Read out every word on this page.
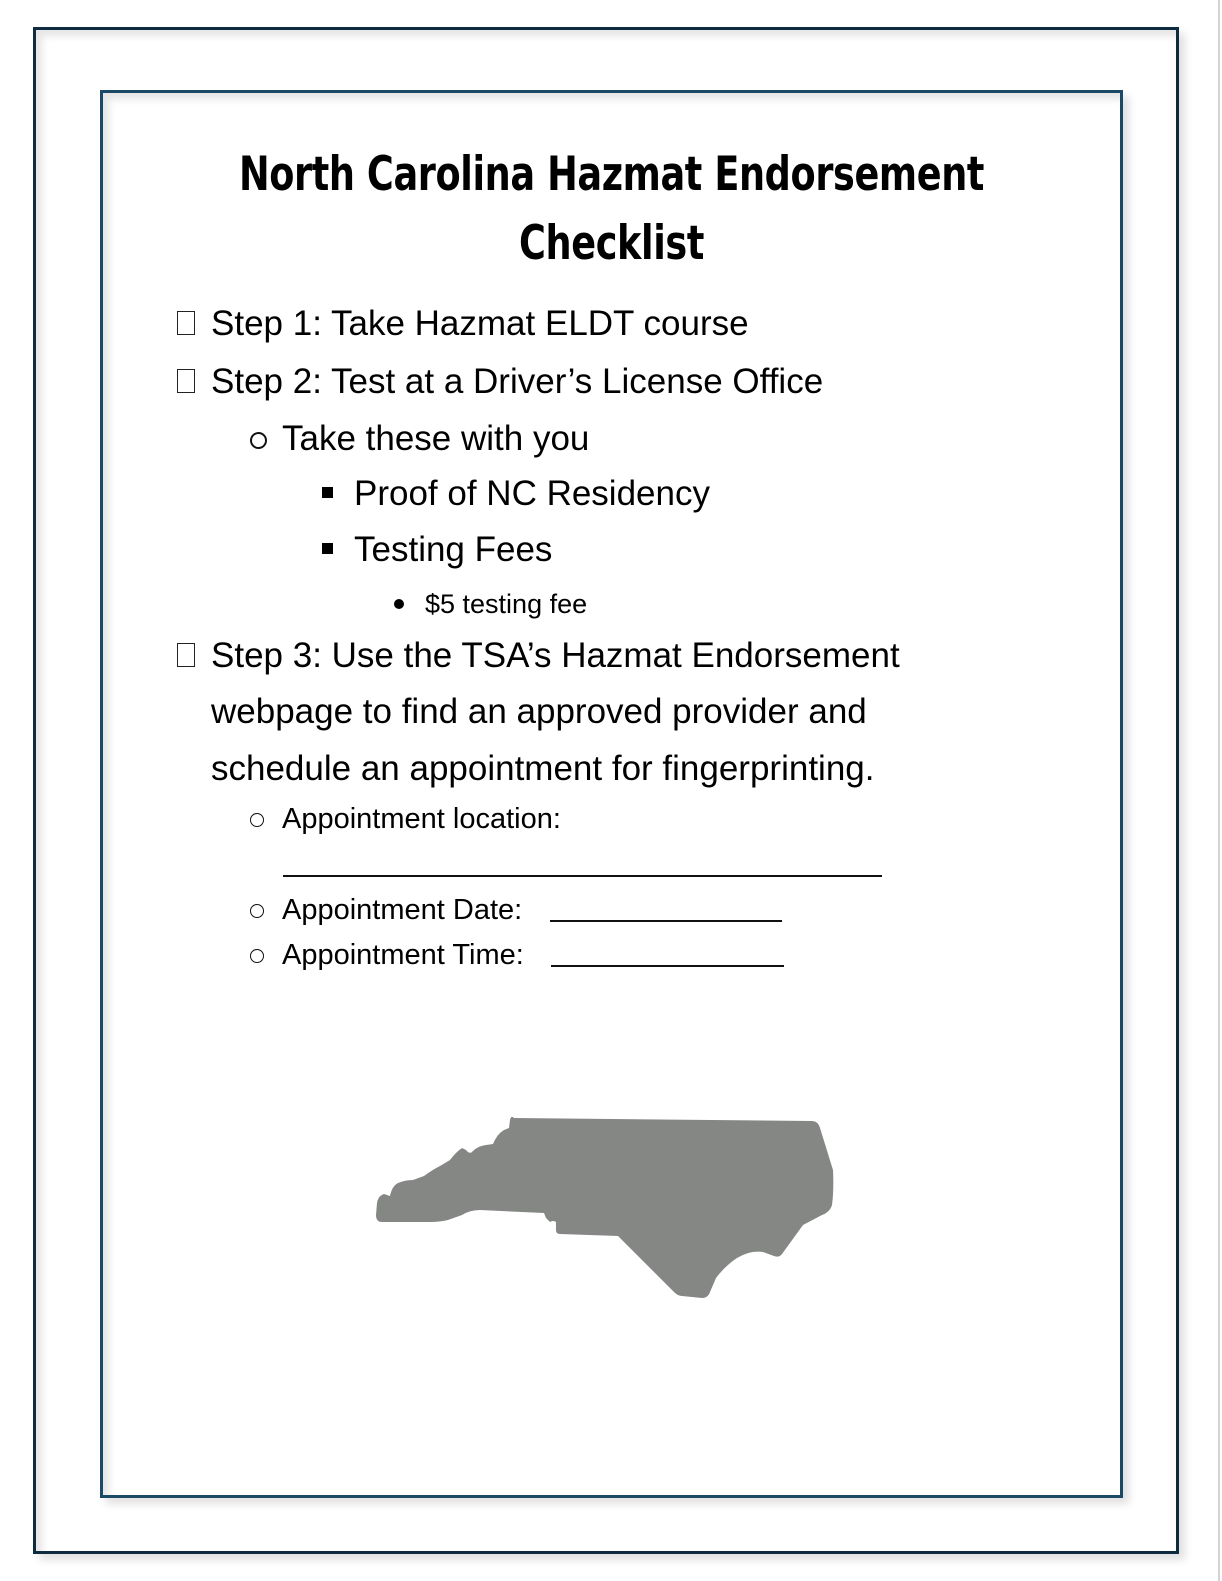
North Carolina Hazmat Endorsement
Checklist
Step 1: Take Hazmat ELDT course
Step 2: Test at a Driver’s License Office
Take these with you
Proof of NC Residency
Testing Fees
$5 testing fee
Step 3: Use the TSA’s Hazmat Endorsement
webpage to find an approved provider and
schedule an appointment for fingerprinting.
Appointment location:
Appointment Date:
Appointment Time:
